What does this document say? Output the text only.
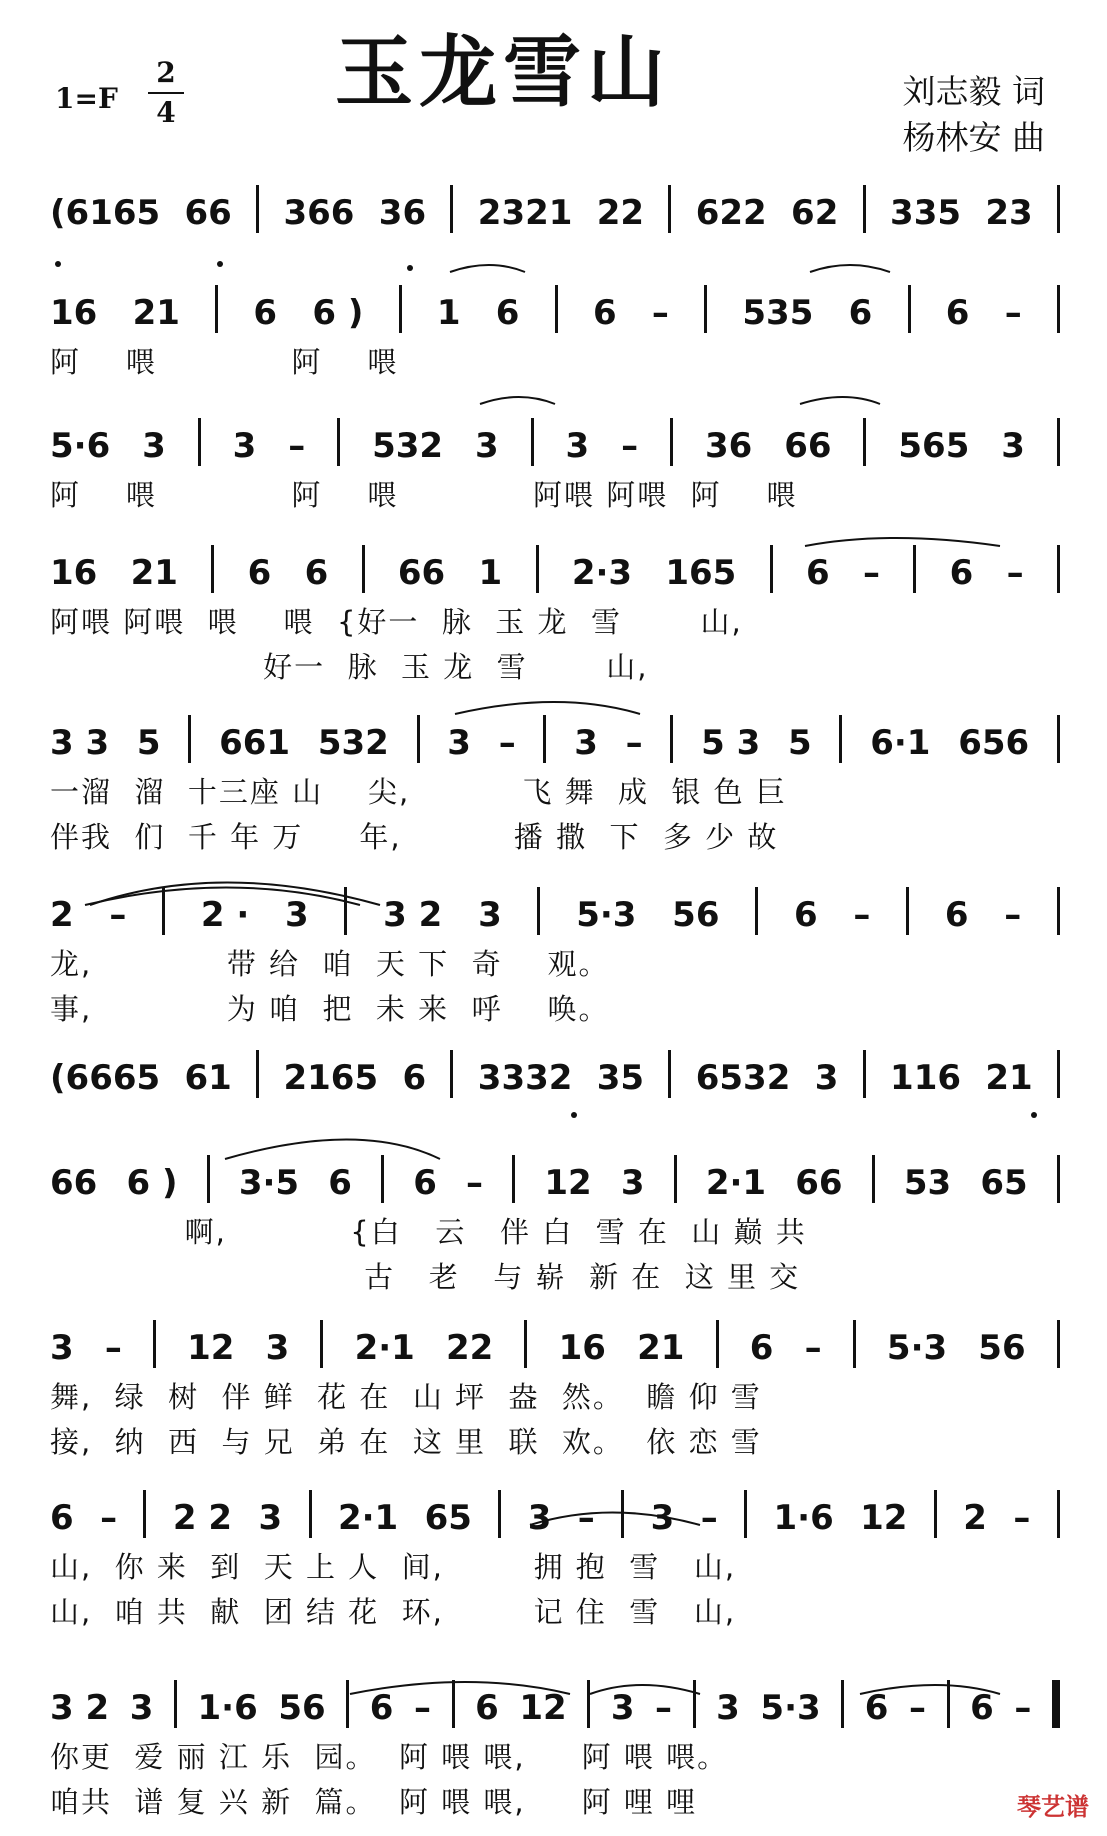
玉龙雪山
1=F
2
4
刘志毅 词
杨林安 曲
(6165 66 366 36 2321 22 622 62 335 23
16 21 6 6 ) 1 6 6 – 535 6 6 –
阿    喂            阿    喂
5·6 3 3 – 532 3 3 – 36 66 565 3
阿    喂            阿    喂            阿喂 阿喂  阿    喂
16 21 6 6 66 1 2·3 165 6 – 6 –
阿喂 阿喂  喂    喂  {好一  脉  玉 龙  雪       山,
好一  脉  玉 龙  雪       山,
3 3 5 661 532 3 – 3 – 5 3 5 6·1 656
一溜  溜  十三座 山    尖,          飞 舞  成  银 色 巨
伴我  们  千 年 万     年,          播 撒  下  多 少 故
2 – 2 · 3 3 2 3 5·3 56 6 – 6 –
龙,            带 给  咱  天 下  奇    观。
事,            为 咱  把  未 来  呼    唤。
(6665 61 2165 6 3332 35 6532 3 116 21
66 6 ) 3·5 6 6 – 12 3 2·1 66 53 65
啊,           {白   云   伴 白  雪 在  山 巅 共
古   老   与 崭  新 在  这 里 交
3 – 12 3 2·1 22 16 21 6 – 5·3 56
舞,  绿  树  伴 鲜  花 在  山 坪  盎  然。  瞻 仰 雪
接,  纳  西  与 兄  弟 在  这 里  联  欢。  依 恋 雪
6 – 2 2 3 2·1 65 3 – 3 – 1·6 12 2 –
山,  你 来  到  天 上 人  间,        拥 抱  雪   山,
山,  咱 共  献  团 结 花  环,        记 住  雪   山,
3 2 3 1·6 56 6 – 6 12 3 – 3 5·3 6 – 6 –
你更  爱 丽 江 乐  园。  阿 喂 喂,     阿 喂 喂。
咱共  谱 复 兴 新  篇。  阿 喂 喂,     阿 哩 哩	琴艺谱
